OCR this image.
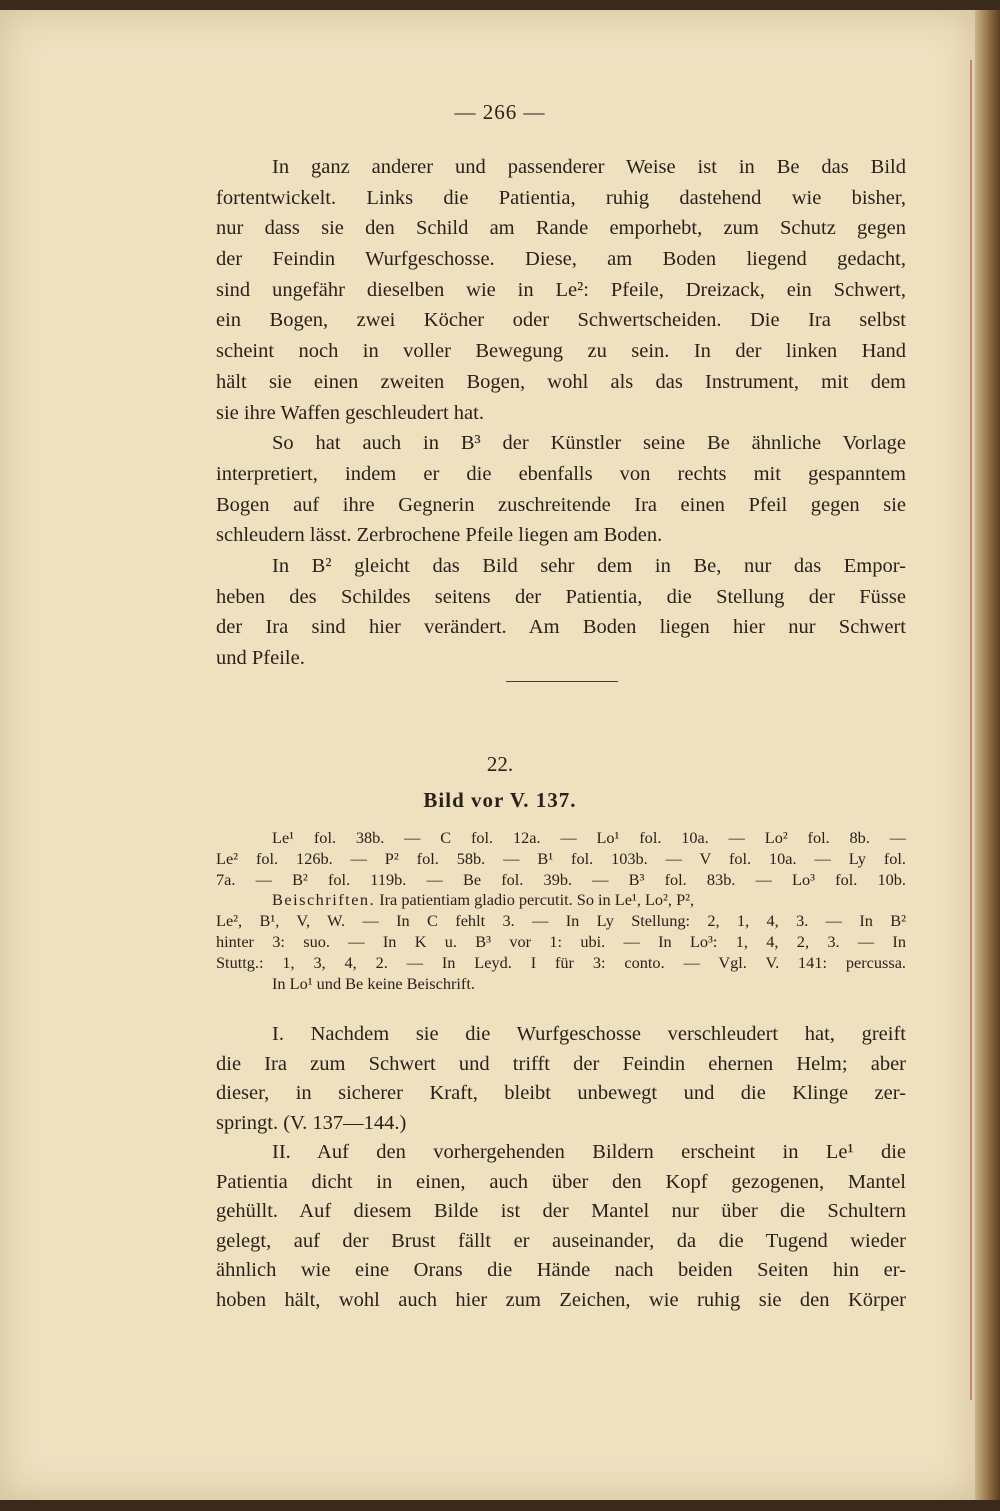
— 266 —
In ganz anderer und passenderer Weise ist in Be das Bild
fortentwickelt. Links die Patientia, ruhig dastehend wie bisher,
nur dass sie den Schild am Rande emporhebt, zum Schutz gegen
der Feindin Wurfgeschosse. Diese, am Boden liegend gedacht,
sind ungefähr dieselben wie in Le²: Pfeile, Dreizack, ein Schwert,
ein Bogen, zwei Köcher oder Schwertscheiden. Die Ira selbst
scheint noch in voller Bewegung zu sein. In der linken Hand
hält sie einen zweiten Bogen, wohl als das Instrument, mit dem
sie ihre Waffen geschleudert hat.
So hat auch in B³ der Künstler seine Be ähnliche Vorlage
interpretiert, indem er die ebenfalls von rechts mit gespanntem
Bogen auf ihre Gegnerin zuschreitende Ira einen Pfeil gegen sie
schleudern lässt. Zerbrochene Pfeile liegen am Boden.
In B² gleicht das Bild sehr dem in Be, nur das Empor-
heben des Schildes seitens der Patientia, die Stellung der Füsse
der Ira sind hier verändert. Am Boden liegen hier nur Schwert
und Pfeile.
22.
Bild vor V. 137.
Le¹ fol. 38b. — C fol. 12a. — Lo¹ fol. 10a. — Lo² fol. 8b. —
Le² fol. 126b. — P² fol. 58b. — B¹ fol. 103b. — V fol. 10a. — Ly fol.
7a. — B² fol. 119b. — Be fol. 39b. — B³ fol. 83b. — Lo³ fol. 10b.
Beischriften. Ira patientiam gladio percutit. So in Le¹, Lo², P²,
Le², B¹, V, W. — In C fehlt 3. — In Ly Stellung: 2, 1, 4, 3. — In B²
hinter 3: suo. — In K u. B³ vor 1: ubi. — In Lo³: 1, 4, 2, 3. — In
Stuttg.: 1, 3, 4, 2. — In Leyd. I für 3: conto. — Vgl. V. 141: percussa.
In Lo¹ und Be keine Beischrift.
I. Nachdem sie die Wurfgeschosse verschleudert hat, greift
die Ira zum Schwert und trifft der Feindin ehernen Helm; aber
dieser, in sicherer Kraft, bleibt unbewegt und die Klinge zer-
springt. (V. 137—144.)
II. Auf den vorhergehenden Bildern erscheint in Le¹ die
Patientia dicht in einen, auch über den Kopf gezogenen, Mantel
gehüllt. Auf diesem Bilde ist der Mantel nur über die Schultern
gelegt, auf der Brust fällt er auseinander, da die Tugend wieder
ähnlich wie eine Orans die Hände nach beiden Seiten hin er-
hoben hält, wohl auch hier zum Zeichen, wie ruhig sie den Körper
